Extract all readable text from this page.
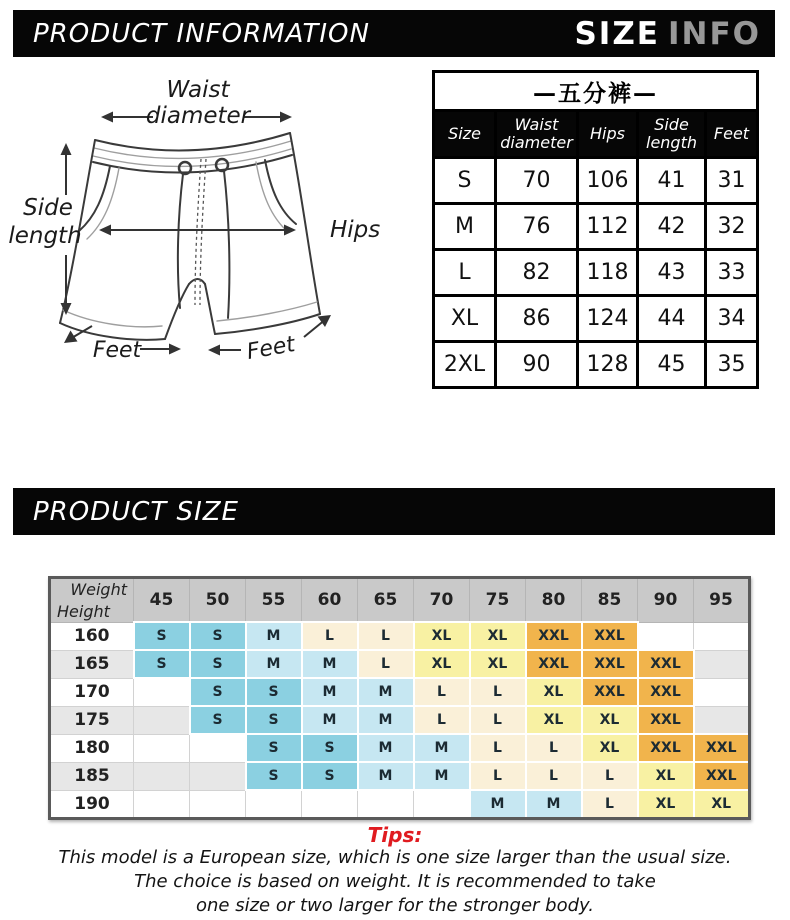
PRODUCT INFORMATION	SIZE INFO
Waist
diameter
Side
length	Hips
Feet	Feet
—五分裤—				
Size	Waist diameter	Hips	Side length	Feet
S	70	106	41	31
M	76	112	42	32
L	82	118	43	33
XL	86	124	44	34
2XL	90	128	45	35
PRODUCT SIZE
Weight
Height	45	50	55	60	65	70	75	80	85	90	95
160	S	S	M	L	L	XL	XL	XXL	XXL		
165	S	S	M	M	L	XL	XL	XXL	XXL	XXL	
170		S	S	M	M	L	L	XL	XXL	XXL	
175		S	S	M	M	L	L	XL	XL	XXL	
180			S	S	M	M	L	L	XL	XXL	XXL
185			S	S	M	M	L	L	L	XL	XXL
190							M	M	L	XL	XL
Tips:
This model is a European size, which is one size larger than the usual size.
The choice is based on weight. It is recommended to take
one size or two larger for the stronger body.
